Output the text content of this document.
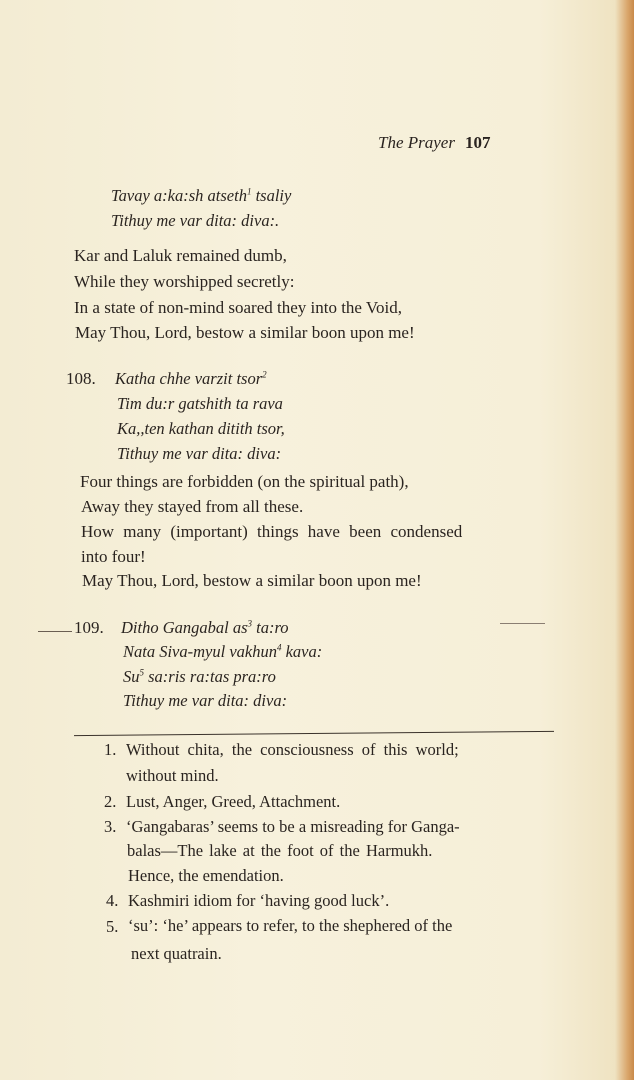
The Prayer 107
Tavay a:ka:sh atseth$^1$ tsaliy
Tithuy me var dita: diva:.
Kar and Laluk remained dumb,
While they worshipped secretly:
In a state of non-mind soared they into the Void,
May Thou, Lord, bestow a similar boon upon me!
108. Katha chhe varzit tsor$^2$
Tim du:r gatshith ta rava
Ka,,ten kathan ditith tsor,
Tithuy me var dita: diva:
Four things are forbidden (on the spiritual path),
Away they stayed from all these.
How many (important) things have been condensed
into four!
May Thou, Lord, bestow a similar boon upon me!
109. Ditho Gangabal $as^3$ ta:ro
Nata Siva-myul vakhun$^4$ kava:
Su$^5$ sa:ris ra:tas pra:ro
Tithuy me var dita: diva:
1. Without chita, the consciousness of this world;
without mind.
2. Lust, Anger, Greed, Attachment.
3. ‘Gangabaras’ seems to be a misreading for Ganga-
balas—The lake at the foot of the Harmukh.
Hence, the emendation.
4. Kashmiri idiom for ‘having good luck’.
5. ‘su’: ‘he’ appears to refer, to the shephered of the
next quatrain.
